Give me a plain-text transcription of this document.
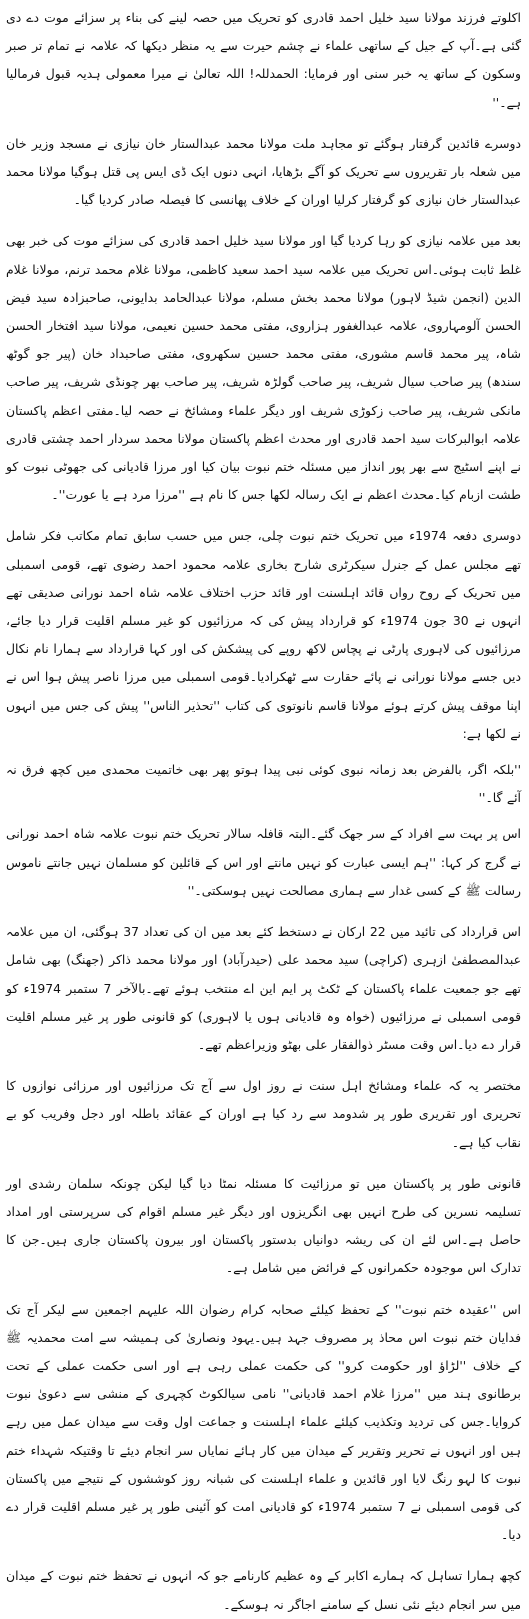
اکلوتے فرزند مولانا سید خلیل احمد قادری کو تحریک میں حصہ لینے کی بناء پر سزائے موت دے دی گئی ہے۔آپ کے جیل کے ساتھی علماء نے چشم حیرت سے یہ منظر دیکھا کہ علامہ نے تمام تر صبر وسکون کے ساتھ یہ خبر سنی اور فرمایا: الحمدللہ! اللہ تعالیٰ نے میرا معمولی ہدیہ قبول فرمالیا ہے۔''

دوسرے قائدین گرفتار ہوگئے تو مجاہد ملت مولانا محمد عبدالستار خان نیازی نے مسجد وزیر خان میں شعلہ بار تقریروں سے تحریک کو آگے بڑھایا، انہی دنوں ایک ڈی ایس پی قتل ہوگیا مولانا محمد عبدالستار خان نیازی کو گرفتار کرلیا اوران کے خلاف پھانسی کا فیصلہ صادر کردیا گیا۔

بعد میں علامہ نیازی کو رہا کردیا گیا اور مولانا سید خلیل احمد قادری کی سزائے موت کی خبر بھی غلط ثابت ہوئی۔اس تحریک میں علامہ سید احمد سعید کاظمی، مولانا غلام محمد ترنم، مولانا غلام الدین (انجمن شیڈ لاہور) مولانا محمد بخش مسلم، مولانا عبدالحامد بدایونی، صاحبزادہ سید فیض الحسن آلومہاروی، علامہ عبدالغفور ہزاروی، مفتی محمد حسین نعیمی، مولانا سید افتخار الحسن شاہ، پیر محمد قاسم مشوری، مفتی محمد حسین سکھروی، مفتی صاحبداد خان (پیر جو گوٹھ سندھ) پیر صاحب سیال شریف، پیر صاحب گولڑہ شریف، پیر صاحب بھر چونڈی شریف، پیر صاحب مانکی شریف، پیر صاحب زکوڑی شریف اور دیگر علماء ومشائخ نے حصہ لیا۔مفتی اعظم پاکستان علامہ ابوالبرکات سید احمد قادری اور محدث اعظم پاکستان مولانا محمد سردار احمد چشتی قادری نے اپنے اسٹیج سے بھر پور انداز میں مسئلہ ختم نبوت بیان کیا اور مرزا قادیانی کی جھوٹی نبوت کو طشت ازبام کیا۔محدث اعظم نے ایک رسالہ لکھا جس کا نام ہے ''مرزا مرد ہے یا عورت''۔

دوسری دفعہ 1974ء میں تحریک ختم نبوت چلی، جس میں حسب سابق تمام مکاتب فکر شامل تھے مجلس عمل کے جنرل سیکرٹری شارح بخاری علامہ محمود احمد رضوی تھے، قومی اسمبلی میں تحریک کے روح رواں قائد اہلسنت اور قائد حزب اختلاف علامہ شاہ احمد نورانی صدیقی تھے انہوں نے 30 جون 1974ء کو قرارداد پیش کی کہ مرزائیوں کو غیر مسلم اقلیت قرار دیا جائے، مرزائیوں کی لاہوری پارٹی نے پچاس لاکھ روپے کی پیشکش کی اور کہا قرارداد سے ہمارا نام نکال دیں جسے مولانا نورانی نے پائے حقارت سے ٹھکرادیا۔قومی اسمبلی میں مرزا ناصر پیش ہوا اس نے اپنا موقف پیش کرتے ہوئے مولانا قاسم نانوتوی کی کتاب ''تحذیر الناس'' پیش کی جس میں انہوں نے لکھا ہے:

''بلکہ اگر، بالفرض بعد زمانہ نبوی کوئی نبی پیدا ہوتو پھر بھی خاتمیت محمدی میں کچھ فرق نہ آئے گا۔''

اس پر بہت سے افراد کے سر جھک گئے۔البتہ قافلہ سالار تحریک ختم نبوت علامہ شاہ احمد نورانی نے گرج کر کہا: ''ہم ایسی عبارت کو نہیں مانتے اور اس کے قائلین کو مسلمان نہیں جانتے ناموس رسالت ﷺ کے کسی غدار سے ہماری مصالحت نہیں ہوسکتی۔''

اس قرارداد کی تائید میں 22 ارکان نے دستخط کئے بعد میں ان کی تعداد 37 ہوگئی، ان میں علامہ عبدالمصطفیٰ ازہری (کراچی) سید محمد علی (حیدرآباد) اور مولانا محمد ذاکر (جھنگ) بھی شامل تھے جو جمعیت علماء پاکستان کے ٹکٹ پر ایم این اے منتخب ہوئے تھے۔بالآخر 7 ستمبر 1974ء کو قومی اسمبلی نے مرزائیوں (خواہ وہ قادیانی ہوں یا لاہوری) کو قانونی طور پر غیر مسلم اقلیت قرار دے دیا۔اس وقت مسٹر ذوالفقار علی بھٹو وزیراعظم تھے۔

مختصر یہ کہ علماء ومشائخ اہل سنت نے روز اول سے آج تک مرزائیوں اور مرزائی نوازوں کا تحریری اور تقریری طور پر شدومد سے رد کیا ہے اوران کے عقائد باطلہ اور دجل وفریب کو بے نقاب کیا ہے۔

قانونی طور پر پاکستان میں تو مرزائیت کا مسئلہ نمٹا دیا گیا لیکن چونکہ سلمان رشدی اور تسلیمہ نسرین کی طرح انہیں بھی انگریزوں اور دیگر غیر مسلم اقوام کی سرپرستی اور امداد حاصل ہے۔اس لئے ان کی ریشہ دوانیاں بدستور پاکستان اور بیرون پاکستان جاری ہیں۔جن کا تدارک اس موجودہ حکمرانوں کے فرائض میں شامل ہے۔

اس ''عقیدہ ختم نبوت'' کے تحفظ کیلئے صحابہ کرام رضوان اللہ علیہم اجمعین سے لیکر آج تک فدایان ختم نبوت اس محاذ پر مصروف جہد ہیں۔یہود ونصاریٰ کی ہمیشہ سے امت محمدیہ ﷺ کے خلاف ''لڑاؤ اور حکومت کرو'' کی حکمت عملی رہی ہے اور اسی حکمت عملی کے تحت برطانوی ہند میں ''مرزا غلام احمد قادیانی'' نامی سیالکوٹ کچہری کے منشی سے دعویٰ نبوت کروایا۔جس کی تردید وتکذیب کیلئے علماء اہلسنت و جماعت اول وقت سے میدان عمل میں رہے ہیں اور انہوں نے تحریر وتقریر کے میدان میں کار ہائے نمایاں سر انجام دیئے تا وقتیکہ شہداء ختم نبوت کا لہو رنگ لایا اور قائدین و علماء اہلسنت کی شبانہ روز کوششوں کے نتیجے میں پاکستان کی قومی اسمبلی نے 7 ستمبر 1974ء کو قادیانی امت کو آئینی طور پر غیر مسلم اقلیت قرار دے دیا۔

کچھ ہمارا تساہل کہ ہمارے اکابر کے وہ عظیم کارنامے جو کہ انہوں نے تحفظ ختم نبوت کے میدان میں سر انجام دیئے نئی نسل کے سامنے اجاگر نہ ہوسکے۔
